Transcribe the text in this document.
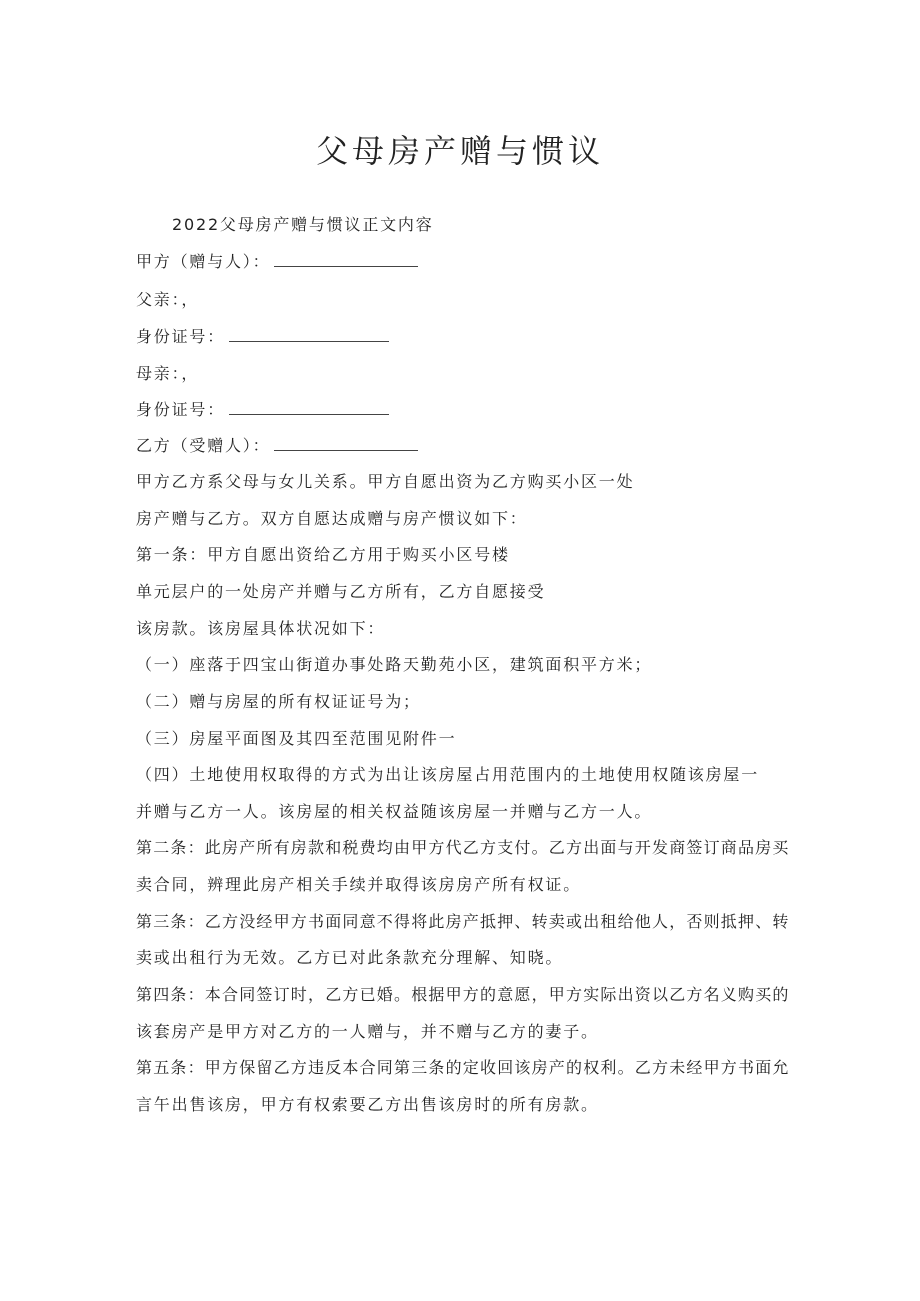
父母房产赠与惯议
2022父母房产赠与惯议正文内容
甲方（赠与人）：
父亲：，
身份证号：
母亲：，
身份证号：
乙方（受赠人）：
甲方乙方系父母与女儿关系。甲方自愿出资为乙方购买小区一处
房产赠与乙方。双方自愿达成赠与房产惯议如下：
第一条：甲方自愿出资给乙方用于购买小区号楼
单元层户的一处房产并赠与乙方所有，乙方自愿接受
该房款。该房屋具体状况如下：
（一）座落于四宝山街道办事处路天勤苑小区，建筑面积平方米；
（二）赠与房屋的所有权证证号为；
（三）房屋平面图及其四至范围见附件一
（四）土地使用权取得的方式为出让该房屋占用范围内的土地使用权随该房屋一
并赠与乙方一人。该房屋的相关权益随该房屋一并赠与乙方一人。
第二条：此房产所有房款和税费均由甲方代乙方支付。乙方出面与开发商签订商品房买
卖合同，辨理此房产相关手续并取得该房房产所有权证。
第三条：乙方没经甲方书面同意不得将此房产抵押、转卖或出租给他人，否则抵押、转
卖或出租行为无效。乙方已对此条款充分理解、知晓。
第四条：本合同签订时，乙方已婚。根据甲方的意愿，甲方实际出资以乙方名义购买的
该套房产是甲方对乙方的一人赠与，并不赠与乙方的妻子。
第五条：甲方保留乙方违反本合同第三条的定收回该房产的权利。乙方未经甲方书面允
言午出售该房，甲方有权索要乙方出售该房时的所有房款。
